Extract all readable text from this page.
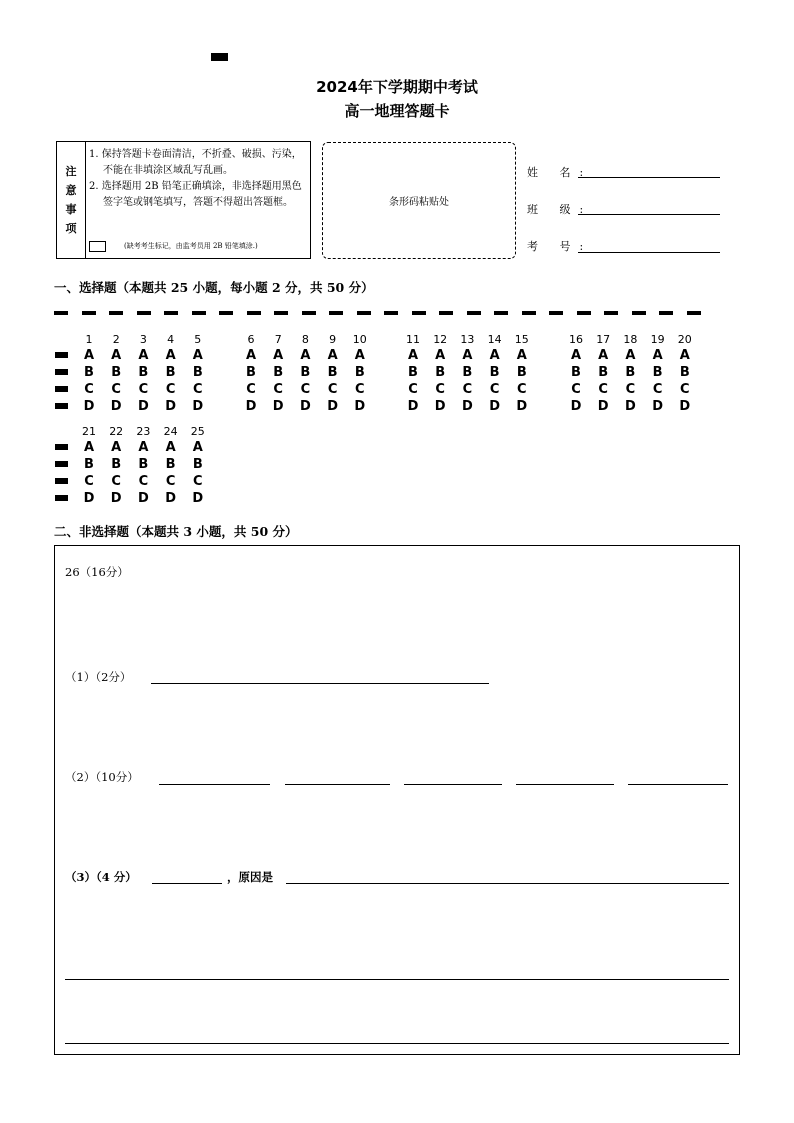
2024年下学期期中考试
高一地理答题卡
注
意
事
项

1. 保持答题卡卷面清洁，不折叠、破损、污染，不能在非填涂区域乱写乱画。

2. 选择题用 2B 铅笔正确填涂，非选择题用黑色签字笔或钢笔填写，答题不得超出答题框。

(缺考考生标记，由监考员用 2B 铅笔填涂.)
条形码粘贴处
姓 名:
班 级:
考 号:
一、选择题（本题共 25 小题，每小题 2 分，共 50 分）
1
A
B
C
D
2
A
B
C
D
3
A
B
C
D
4
A
B
C
D
5
A
B
C
D
6
A
B
C
D
7
A
B
C
D
8
A
B
C
D
9
A
B
C
D
10
A
B
C
D
11
A
B
C
D
12
A
B
C
D
13
A
B
C
D
14
A
B
C
D
15
A
B
C
D
16
A
B
C
D
17
A
B
C
D
18
A
B
C
D
19
A
B
C
D
20
A
B
C
D
21
A
B
C
D
22
A
B
C
D
23
A
B
C
D
24
A
B
C
D
25
A
B
C
D
二、非选择题（本题共 3 小题，共 50 分）
26（16分）
（1）（2分）
（2）（10分）
（3）（4 分）	，原因是
